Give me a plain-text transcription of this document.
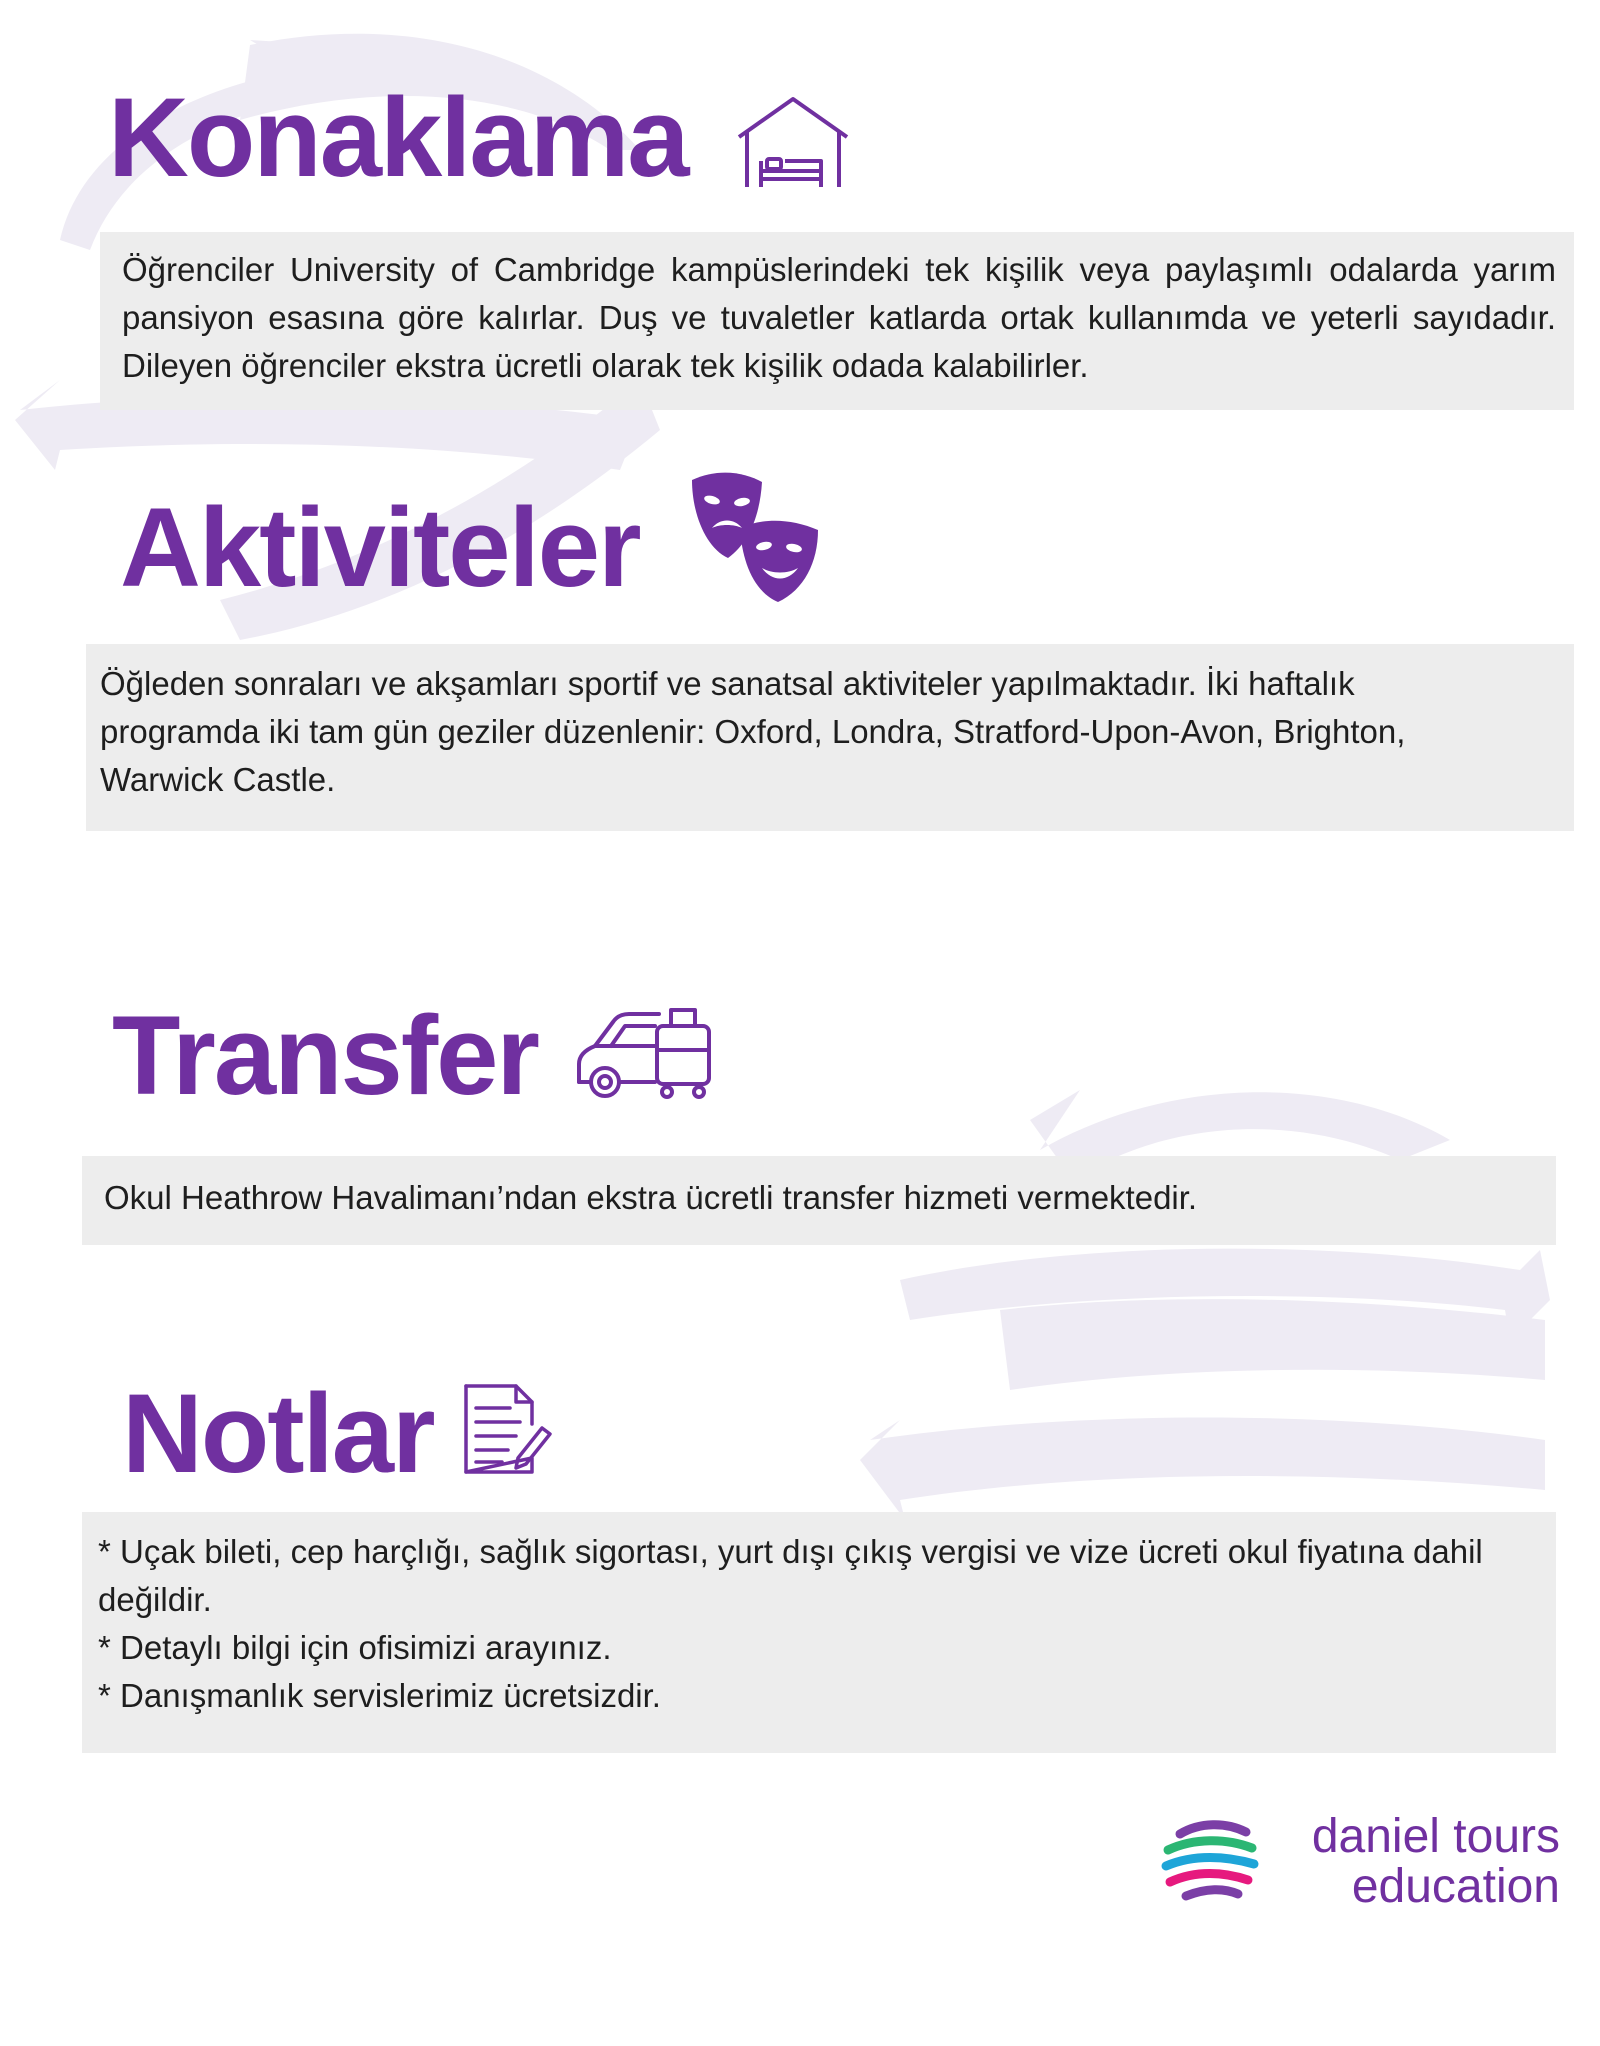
Konaklama

Öğrenciler University of Cambridge kampüslerindeki tek kişilik veya paylaşımlı odalarda yarım pansiyon esasına göre kalırlar. Duş ve tuvaletler katlarda ortak kullanımda ve yeterli sayıdadır. Dileyen öğrenciler ekstra ücretli olarak tek kişilik odada kalabilirler.

Aktiviteler

Öğleden sonraları ve akşamları sportif ve sanatsal aktiviteler yapılmaktadır. İki haftalık programda iki tam gün geziler düzenlenir: Oxford, Londra, Stratford-Upon-Avon, Brighton, Warwick Castle.

Transfer

Okul Heathrow Havalimanı’ndan ekstra ücretli transfer hizmeti vermektedir.

Notlar

* Uçak bileti, cep harçlığı, sağlık sigortası, yurt dışı çıkış vergisi ve vize ücreti okul fiyatına dahil değildir.

* Detaylı bilgi için ofisimizi arayınız.

* Danışmanlık servislerimiz ücretsizdir.

daniel tours
education
